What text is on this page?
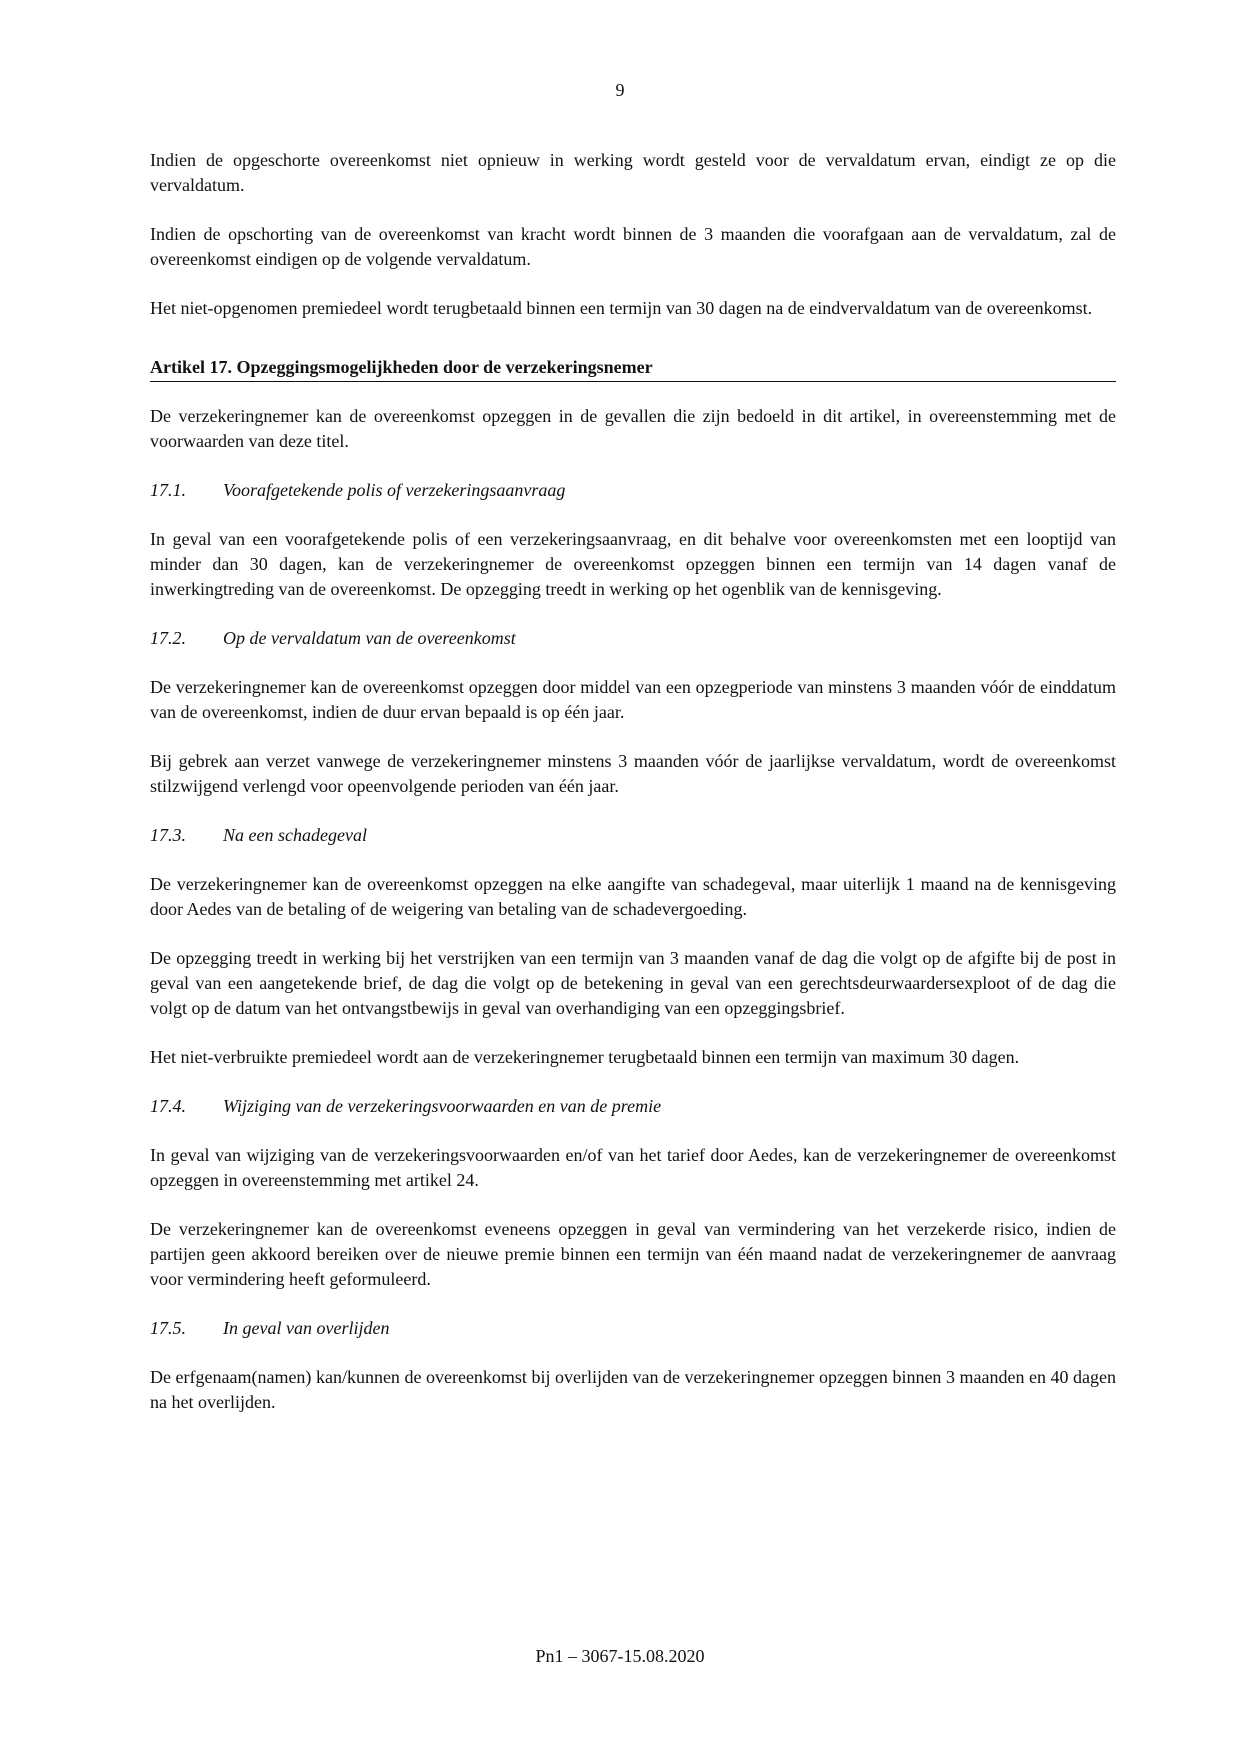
9

Indien de opgeschorte overeenkomst niet opnieuw in werking wordt gesteld voor de vervaldatum ervan, eindigt ze op die vervaldatum.

Indien de opschorting van de overeenkomst van kracht wordt binnen de 3 maanden die voorafgaan aan de vervaldatum, zal de overeenkomst eindigen op de volgende vervaldatum.

Het niet-opgenomen premiedeel wordt terugbetaald binnen een termijn van 30 dagen na de eindvervaldatum van de overeenkomst.

Artikel 17. Opzeggingsmogelijkheden door de verzekeringsnemer

De verzekeringnemer kan de overeenkomst opzeggen in de gevallen die zijn bedoeld in dit artikel, in overeenstemming met de voorwaarden van deze titel.

17.1.	Voorafgetekende polis of verzekeringsaanvraag

In geval van een voorafgetekende polis of een verzekeringsaanvraag, en dit behalve voor overeenkomsten met een looptijd van minder dan 30 dagen, kan de verzekeringnemer de overeenkomst opzeggen binnen een termijn van 14 dagen vanaf de inwerkingtreding van de overeenkomst. De opzegging treedt in werking op het ogenblik van de kennisgeving.

17.2.	Op de vervaldatum van de overeenkomst

De verzekeringnemer kan de overeenkomst opzeggen door middel van een opzegperiode van minstens 3 maanden vóór de einddatum van de overeenkomst, indien de duur ervan bepaald is op één jaar.

Bij gebrek aan verzet vanwege de verzekeringnemer minstens 3 maanden vóór de jaarlijkse vervaldatum, wordt de overeenkomst stilzwijgend verlengd voor opeenvolgende perioden van één jaar.

17.3.	Na een schadegeval

De verzekeringnemer kan de overeenkomst opzeggen na elke aangifte van schadegeval, maar uiterlijk 1 maand na de kennisgeving door Aedes van de betaling of de weigering van betaling van de schadevergoeding.

De opzegging treedt in werking bij het verstrijken van een termijn van 3 maanden vanaf de dag die volgt op de afgifte bij de post in geval van een aangetekende brief, de dag die volgt op de betekening in geval van een gerechtsdeurwaardersexploot of de dag die volgt op de datum van het ontvangstbewijs in geval van overhandiging van een opzeggingsbrief.

Het niet-verbruikte premiedeel wordt aan de verzekeringnemer terugbetaald binnen een termijn van maximum 30 dagen.

17.4.	Wijziging van de verzekeringsvoorwaarden en van de premie

In geval van wijziging van de verzekeringsvoorwaarden en/of van het tarief door Aedes, kan de verzekeringnemer de overeenkomst opzeggen in overeenstemming met artikel 24.

De verzekeringnemer kan de overeenkomst eveneens opzeggen in geval van vermindering van het verzekerde risico, indien de partijen geen akkoord bereiken over de nieuwe premie binnen een termijn van één maand nadat de verzekeringnemer de aanvraag voor vermindering heeft geformuleerd.

17.5.	In geval van overlijden

De erfgenaam(namen) kan/kunnen de overeenkomst bij overlijden van de verzekeringnemer opzeggen binnen 3 maanden en 40 dagen na het overlijden.

Pn1 – 3067-15.08.2020
